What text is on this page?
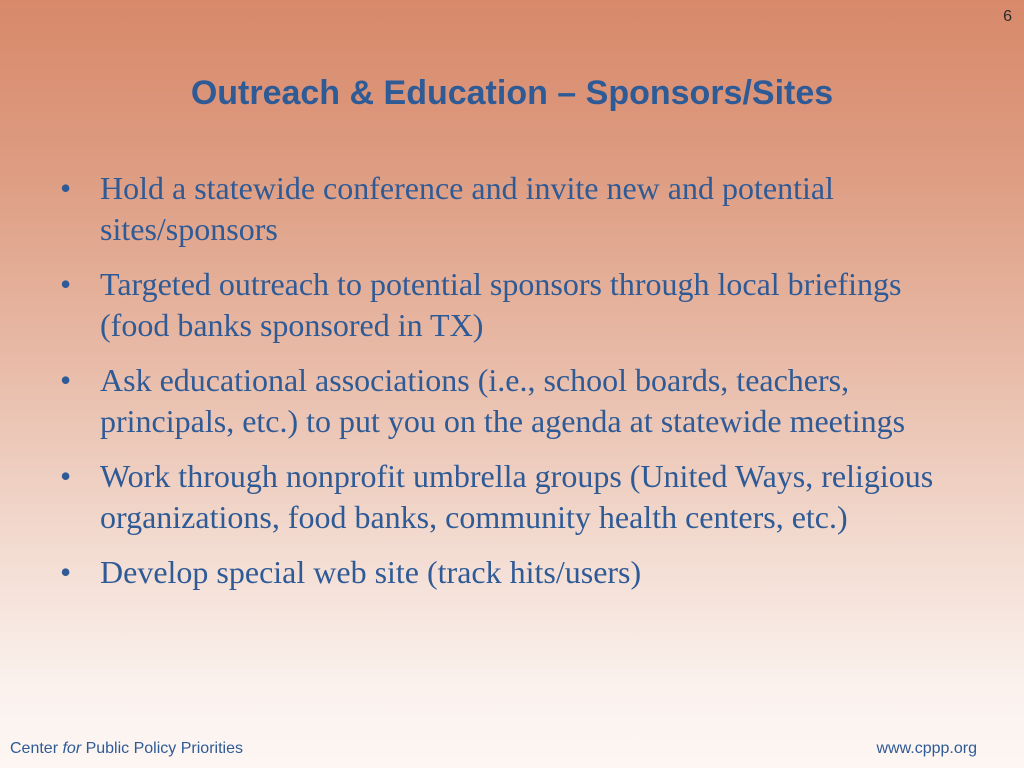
6
Outreach & Education – Sponsors/Sites
• Hold a statewide conference and invite new and potential sites/sponsors
• Targeted outreach to potential sponsors through local briefings (food banks sponsored in TX)
• Ask educational associations (i.e., school boards, teachers, principals, etc.) to put you on the agenda at statewide meetings
• Work through nonprofit umbrella groups (United Ways, religious organizations, food banks, community health centers, etc.)
• Develop special web site (track hits/users)
Center for Public Policy Priorities	www.cppp.org
